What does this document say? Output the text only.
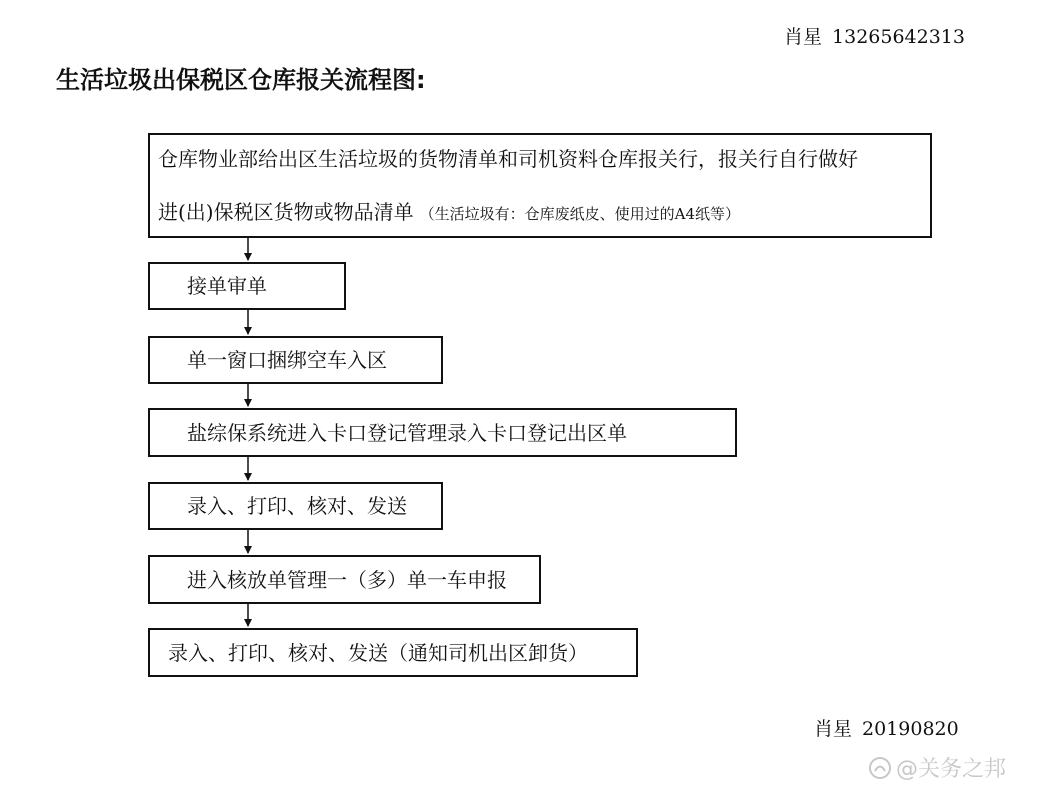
肖星 13265642313
生活垃圾出保税区仓库报关流程图:
仓库物业部给出区生活垃圾的货物清单和司机资料仓库报关行，报关行自行做好
进(出)保税区货物或物品清单 （生活垃圾有：仓库废纸皮、使用过的A4纸等）
接单审单
单一窗口捆绑空车入区
盐综保系统进入卡口登记管理录入卡口登记出区单
录入、打印、核对、发送
进入核放单管理一（多）单一车申报
录入、打印、核对、发送（通知司机出区卸货）
肖星 20190820
@关务之邦
